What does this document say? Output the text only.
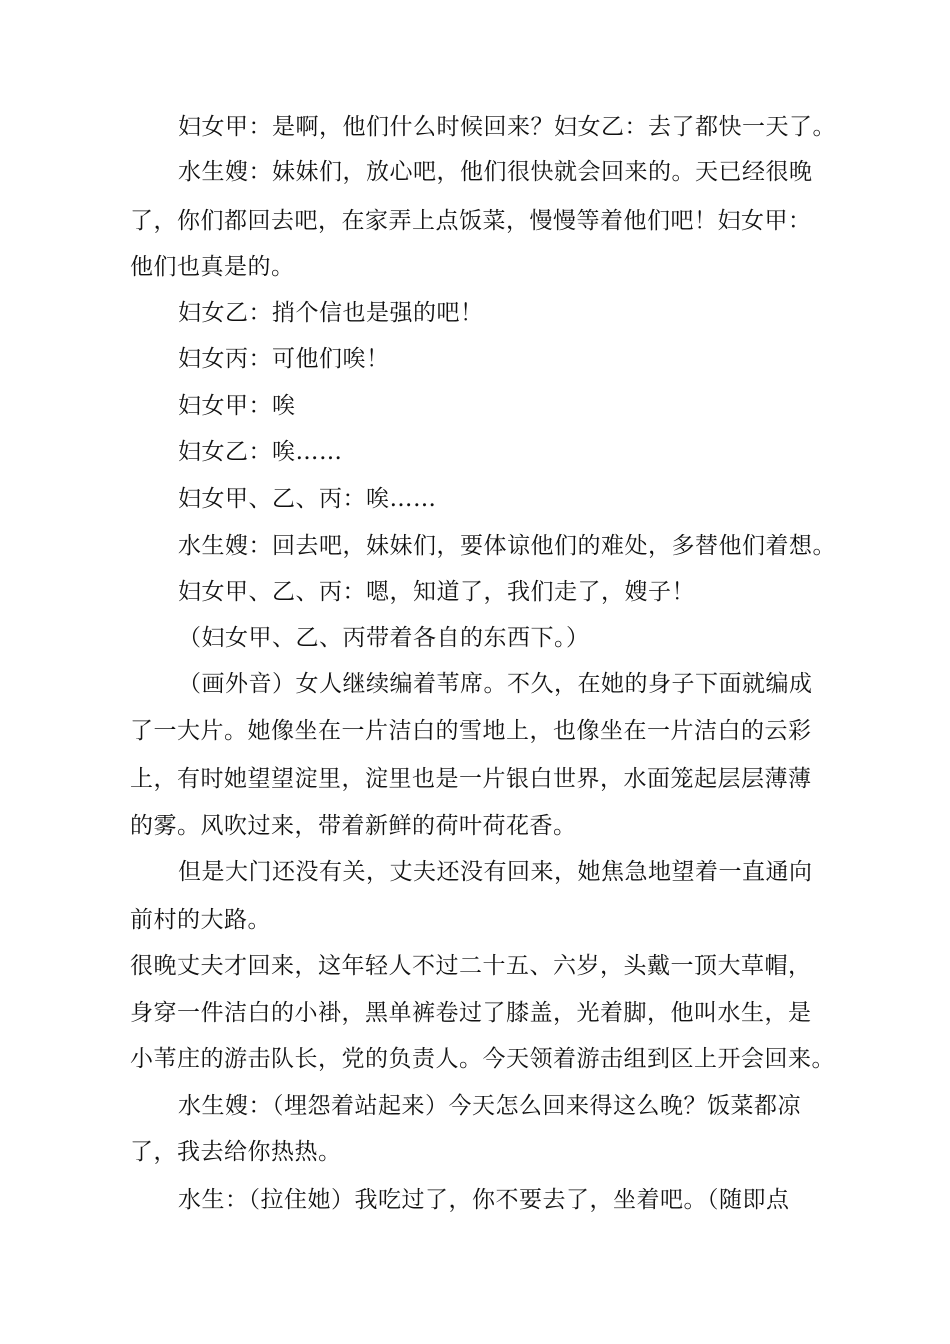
妇女甲：是啊，他们什么时候回来？妇女乙：去了都快一天了。
水生嫂：妹妹们，放心吧，他们很快就会回来的。天已经很晚
了，你们都回去吧，在家弄上点饭菜，慢慢等着他们吧！妇女甲：
他们也真是的。
妇女乙：捎个信也是强的吧！
妇女丙：可他们唉！
妇女甲：唉
妇女乙：唉……
妇女甲、乙、丙：唉……
水生嫂：回去吧，妹妹们，要体谅他们的难处，多替他们着想。
妇女甲、乙、丙：嗯，知道了，我们走了，嫂子！
（妇女甲、乙、丙带着各自的东西下。）
（画外音）女人继续编着苇席。不久，在她的身子下面就编成
了一大片。她像坐在一片洁白的雪地上，也像坐在一片洁白的云彩
上，有时她望望淀里，淀里也是一片银白世界，水面笼起层层薄薄
的雾。风吹过来，带着新鲜的荷叶荷花香。
但是大门还没有关，丈夫还没有回来，她焦急地望着一直通向
前村的大路。
很晚丈夫才回来，这年轻人不过二十五、六岁，头戴一顶大草帽，
身穿一件洁白的小褂，黑单裤卷过了膝盖，光着脚，他叫水生，是
小苇庄的游击队长，党的负责人。今天领着游击组到区上开会回来。
水生嫂：（埋怨着站起来）今天怎么回来得这么晚？饭菜都凉
了，我去给你热热。
水生：（拉住她）我吃过了，你不要去了，坐着吧。（随即点
